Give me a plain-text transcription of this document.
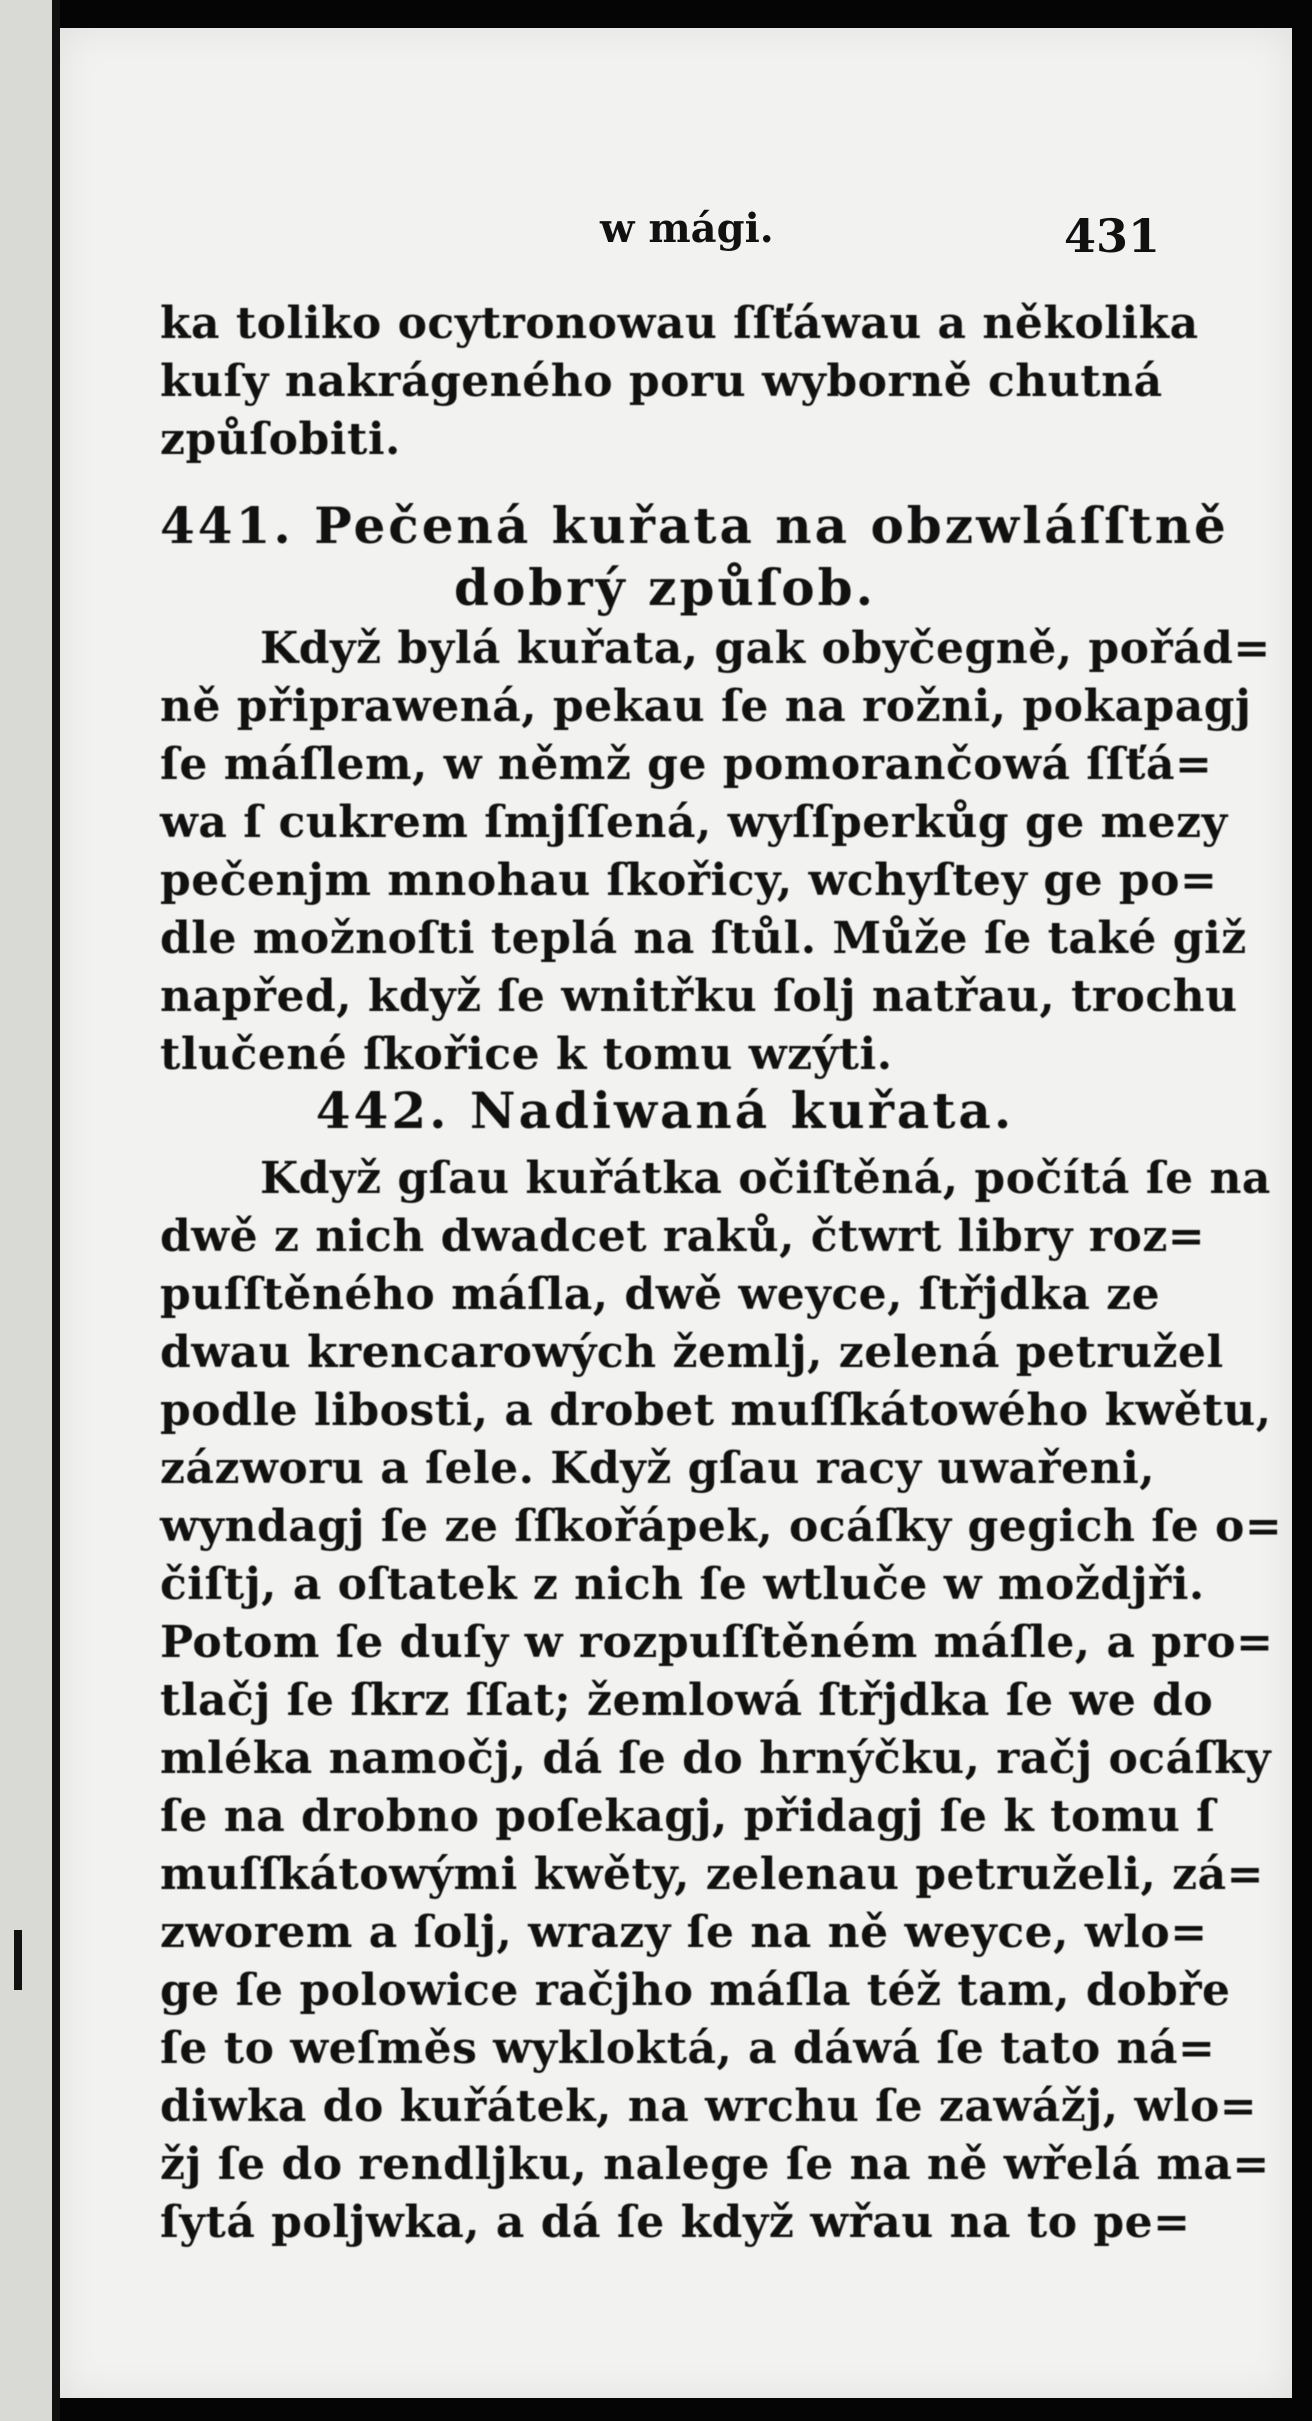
w mági.	431
ka toliko ocytronowau ſſťáwau a několika
kuſy nakrágeného poru wyborně chutná
způſobiti.
441. Pečená kuřata na obzwláſſtně
dobrý způſob.
Když bylá kuřata, gak obyčegně, pořád=
ně připrawená, pekau ſe na rožni, pokapagj
ſe máſlem, w němž ge pomorančowá ſſťá=
wa ſ cukrem ſmjſſená, wyſſperkůg ge mezy
pečenjm mnohau ſkořicy, wchyſtey ge po=
dle možnoſti teplá na ſtůl. Může ſe také giž
napřed, když ſe wnitřku ſolj natřau, trochu
tlučené ſkořice k tomu wzýti.
442. Nadiwaná kuřata.
Když gſau kuřátka očiſtěná, počítá ſe na
dwě z nich dwadcet raků, čtwrt libry roz=
puſſtěného máſla, dwě weyce, ſtřjdka ze
dwau krencarowých žemlj, zelená petružel
podle libosti, a drobet muſſkátowého kwětu,
zázworu a ſele. Když gſau racy uwařeni,
wyndagj ſe ze ſſkořápek, ocáſky gegich ſe o=
čiſtj, a oſtatek z nich ſe wtluče w moždjři.
Potom ſe duſy w rozpuſſtěném máſle, a pro=
tlačj ſe ſkrz ſſat; žemlowá ſtřjdka ſe we do
mléka namočj, dá ſe do hrnýčku, račj ocáſky
ſe na drobno poſekagj, přidagj ſe k tomu ſ
muſſkátowými kwěty, zelenau petruželi, zá=
zworem a ſolj, wrazy ſe na ně weyce, wlo=
ge ſe polowice račjho máſla též tam, dobře
ſe to weſměs wykloktá, a dáwá ſe tato ná=
diwka do kuřátek, na wrchu ſe zawážj, wlo=
žj ſe do rendljku, nalege ſe na ně wřelá ma=
ſytá poljwka, a dá ſe když wřau na to pe=
